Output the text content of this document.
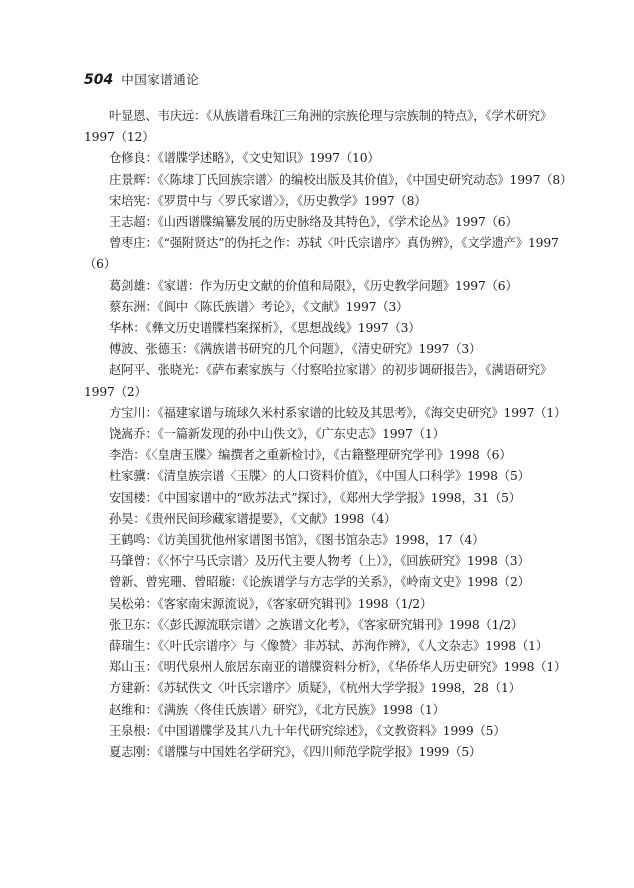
504 中国家谱通论

叶显恩、韦庆远：《从族谱看珠江三角洲的宗族伦理与宗族制的特点》，《学术研究》1997（12）

仓修良：《谱牒学述略》，《文史知识》1997（10）

庄景辉：《〈陈埭丁氏回族宗谱〉的编校出版及其价值》，《中国史研究动态》1997（8）

宋培宪：《罗贯中与〈罗氏家谱〉》，《历史教学》1997（8）

王志超：《山西谱牒编纂发展的历史脉络及其特色》，《学术论丛》1997（6）

曾枣庄：《“强附贤达”的伪托之作：苏轼〈叶氏宗谱序〉真伪辨》，《文学遗产》1997（6）

葛剑雄：《家谱：作为历史文献的价值和局限》，《历史教学问题》1997（6）

蔡东洲：《阆中〈陈氏族谱〉考论》，《文献》1997（3）

华林：《彝文历史谱牒档案探析》，《思想战线》1997（3）

傅波、张德玉：《满族谱书研究的几个问题》，《清史研究》1997（3）

赵阿平、张晓光：《萨布素家族与〈付察哈拉家谱〉的初步调研报告》，《满语研究》1997（2）

方宝川：《福建家谱与琉球久米村系家谱的比较及其思考》，《海交史研究》1997（1）

饶嵩乔：《一篇新发现的孙中山佚文》，《广东史志》1997（1）

李浩：《〈皇唐玉牒〉编撰者之重新检讨》，《古籍整理研究学刊》1998（6）

杜家骥：《清皇族宗谱〈玉牒〉的人口资料价值》，《中国人口科学》1998（5）

安国楼：《中国家谱中的“欧苏法式”探讨》，《郑州大学学报》1998，31（5）

孙昊：《贵州民间珍藏家谱提要》，《文献》1998（4）

王鹤鸣：《访美国犹他州家谱图书馆》，《图书馆杂志》1998，17（4）

马肇曾：《〈怀宁马氏宗谱〉及历代主要人物考（上）》，《回族研究》1998（3）

曾新、曾宪珊、曾昭璇：《论族谱学与方志学的关系》，《岭南文史》1998（2）

吴松弟：《客家南宋源流说》，《客家研究辑刊》1998（1/2）

张卫东：《〈彭氏源流联宗谱〉之族谱文化考》，《客家研究辑刊》1998（1/2）

薛瑞生：《〈叶氏宗谱序〉与〈像赞〉非苏轼、苏洵作辨》，《人文杂志》1998（1）

郑山玉：《明代泉州人旅居东南亚的谱牒资料分析》，《华侨华人历史研究》1998（1）

方建新：《苏轼佚文〈叶氏宗谱序〉质疑》，《杭州大学学报》1998，28（1）

赵维和：《满族〈佟佳氏族谱〉研究》，《北方民族》1998（1）

王泉根：《中国谱牒学及其八九十年代研究综述》，《文教资料》1999（5）

夏志刚：《谱牒与中国姓名学研究》，《四川师范学院学报》1999（5）
